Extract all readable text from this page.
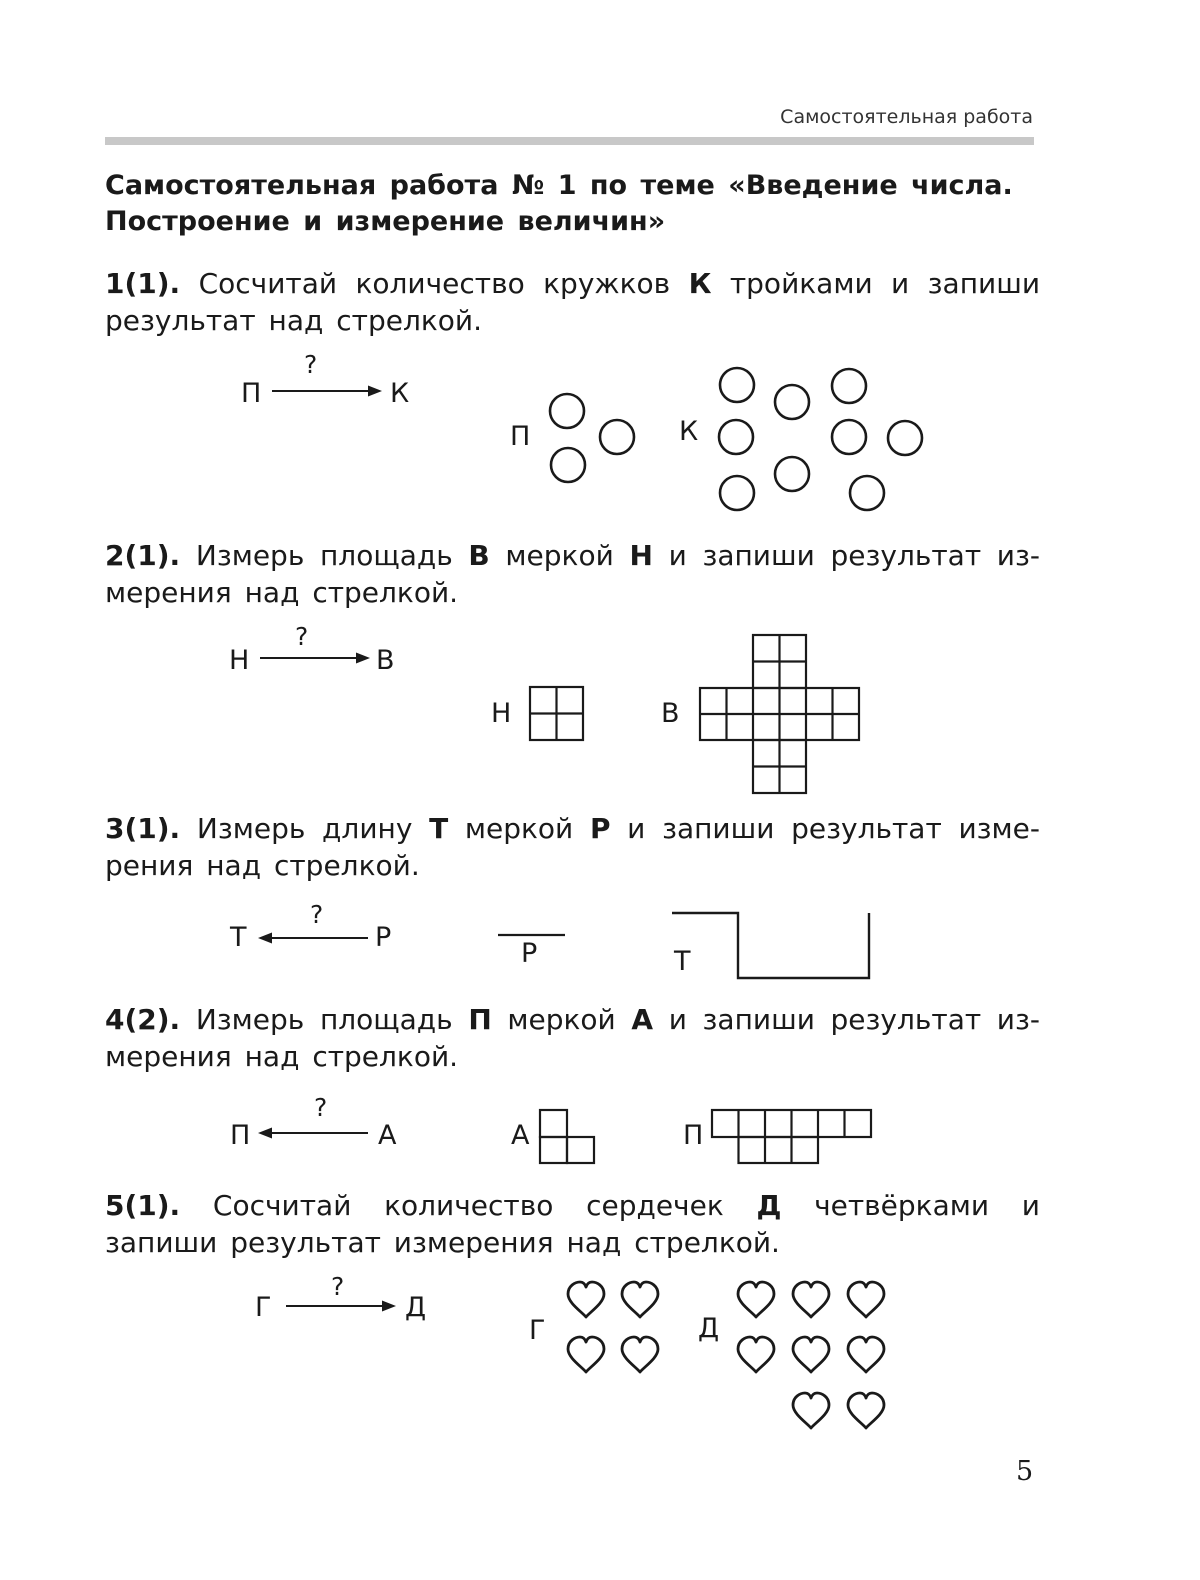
Самостоятельная работа
Самостоятельная работа № 1 по теме «Введение числа. Построение и измерение величин»
1(1). Сосчитай количество кружков К тройками и запиши результат над стрелкой.
2(1). Измерь площадь В меркой Н и запиши результат измерения над стрелкой.
3(1). Измерь длину Т меркой Р и запиши результат измерения над стрелкой.
4(2). Измерь площадь П меркой А и запиши результат измерения над стрелкой.
5(1). Сосчитай количество сердечек Д четвёрками и запиши результат измерения над стрелкой.
П
?
К
П	К
Н
?
В
Н	В
Т
?
Р
Р	Т
П
?
А	А	П
Г
?
Д
Г	Д
5
